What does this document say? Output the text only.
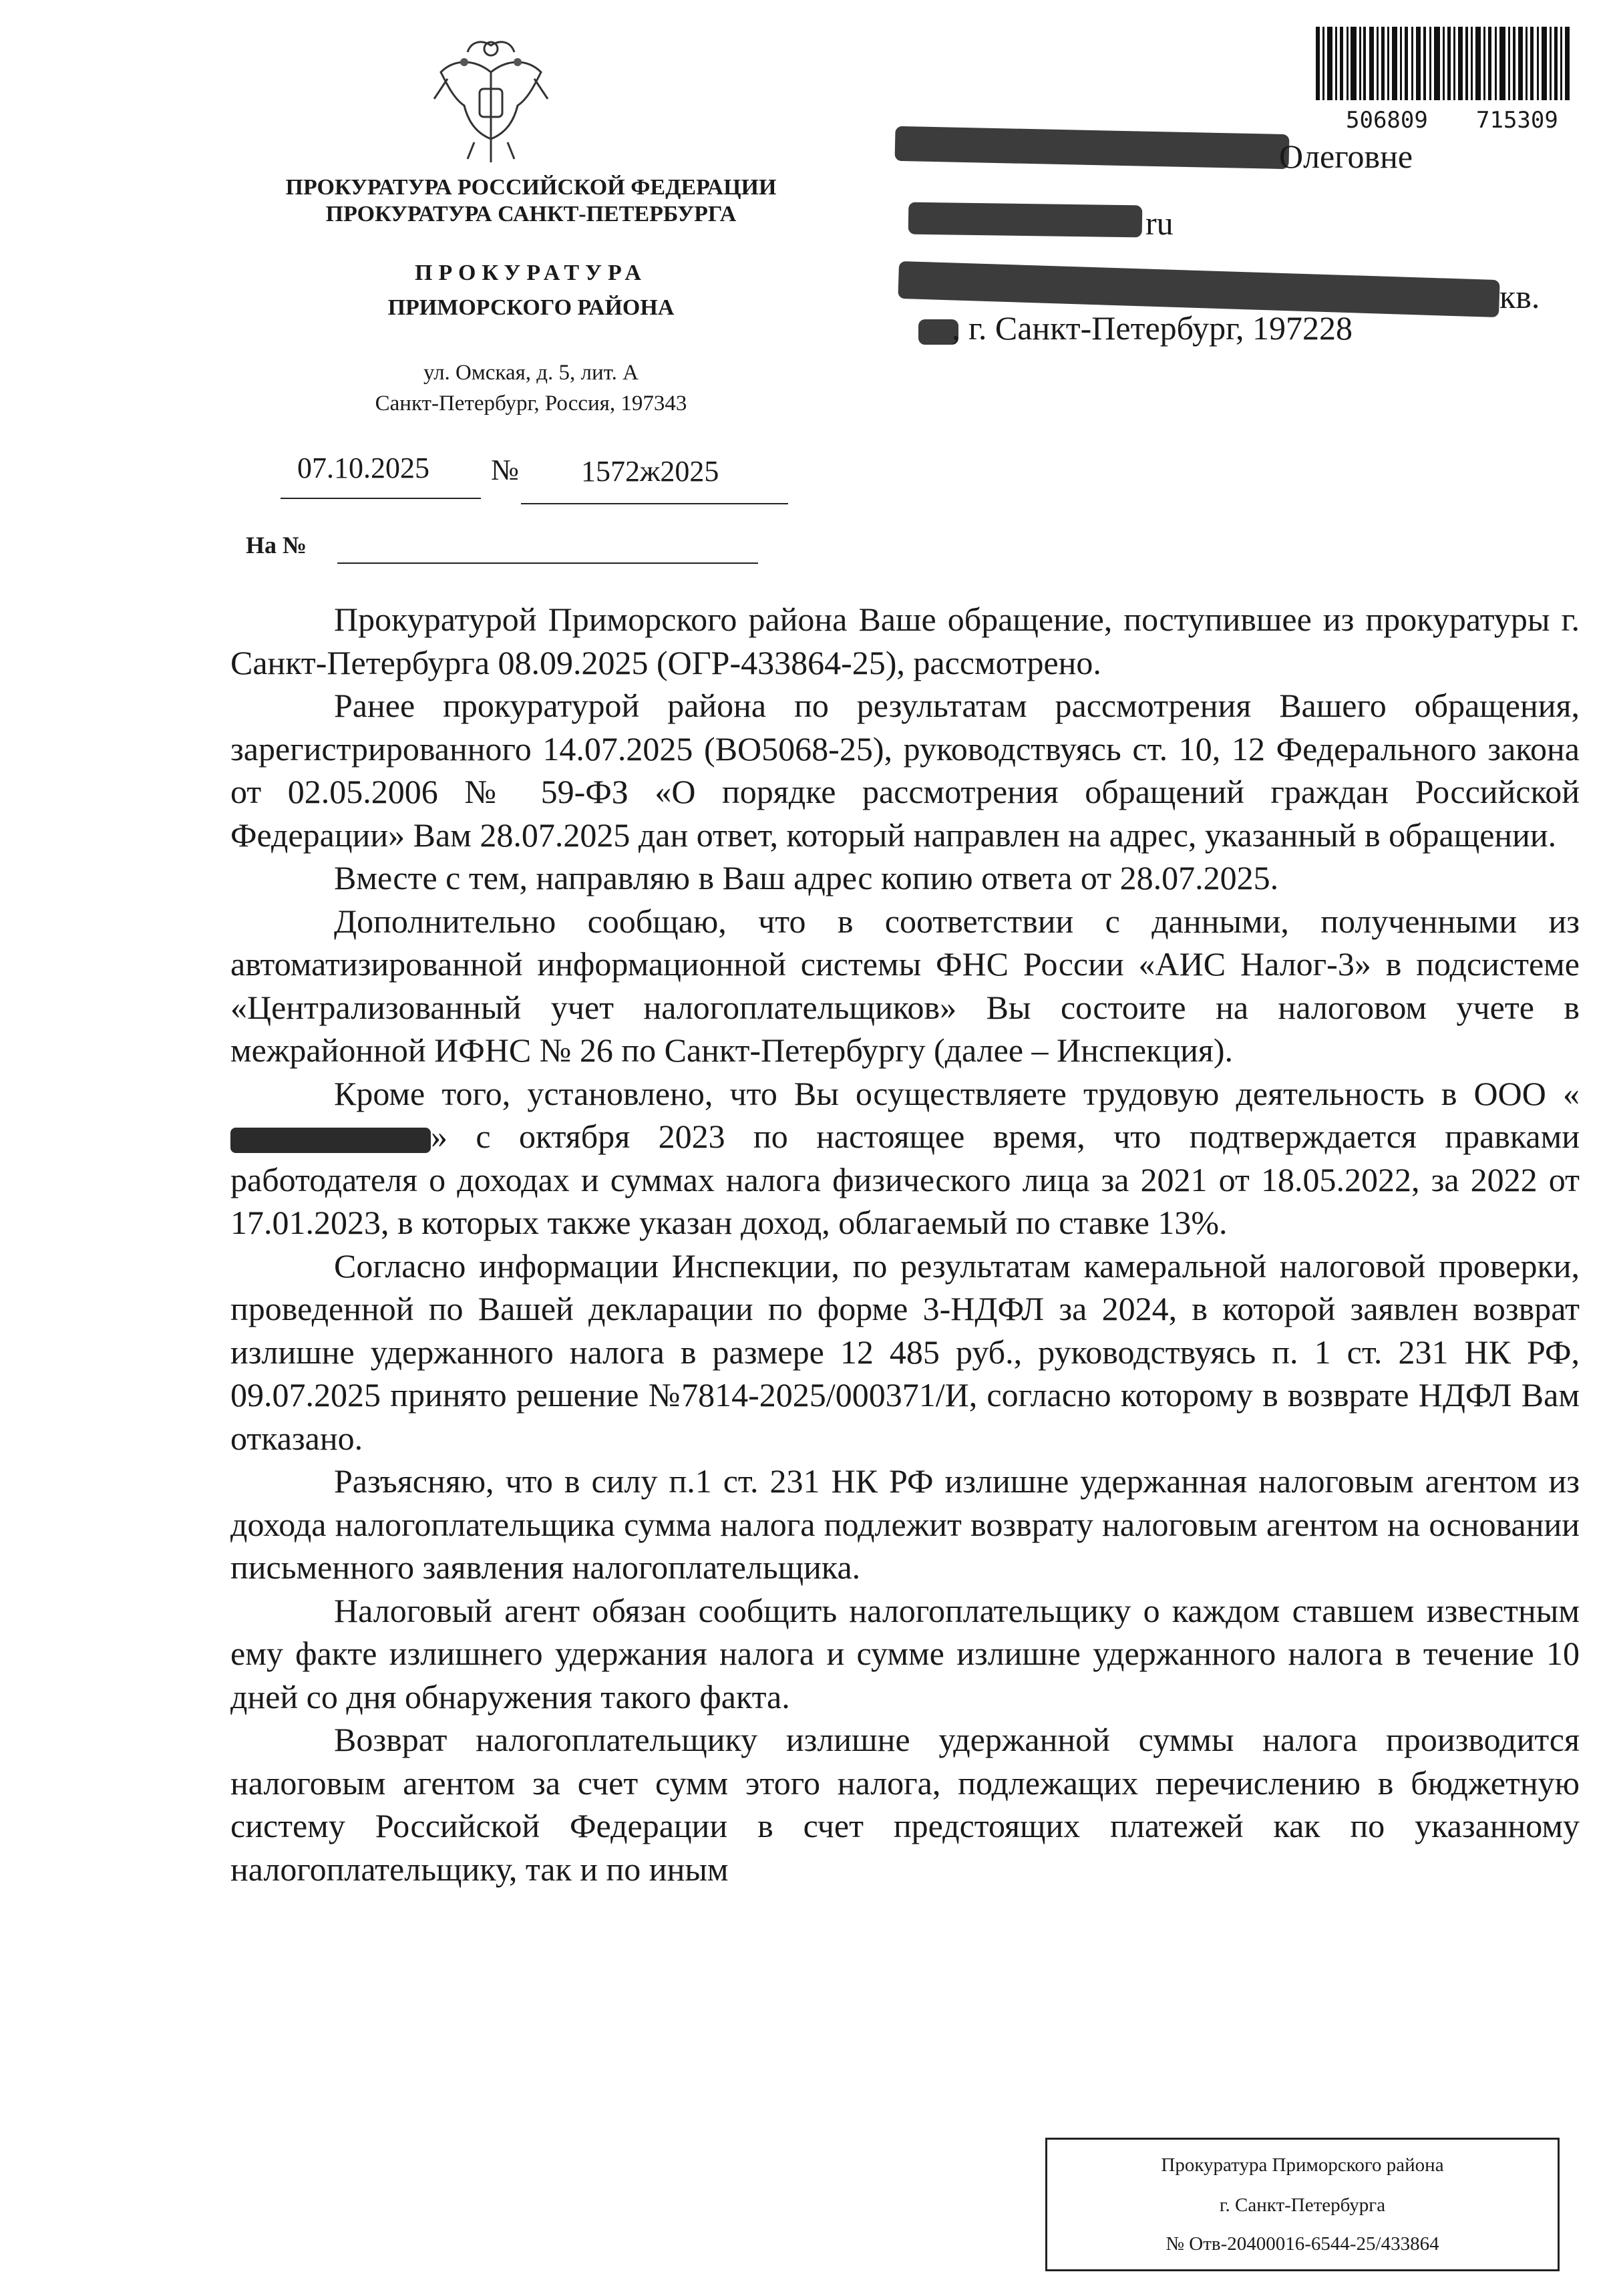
ПРОКУРАТУРА РОССИЙСКОЙ ФЕДЕРАЦИИ
ПРОКУРАТУРА САНКТ-ПЕТЕРБУРГА
ПРОКУРАТУРА
ПРИМОРСКОГО РАЙОНА
ул. Омская, д. 5, лит. А
Санкт-Петербург, Россия, 197343
07.10.2025 № 1572ж2025
На №
506809 715309
Олеговне
ru
кв.
, г. Санкт-Петербург, 197228

Прокуратурой Приморского района Ваше обращение, поступившее из прокуратуры г. Санкт-Петербурга 08.09.2025 (ОГР-433864-25), рассмотрено.

Ранее прокуратурой района по результатам рассмотрения Вашего обращения, зарегистрированного 14.07.2025 (ВО5068-25), руководствуясь ст. 10, 12 Федерального закона от 02.05.2006 № 59-ФЗ «О порядке рассмотрения обращений граждан Российской Федерации» Вам 28.07.2025 дан ответ, который направлен на адрес, указанный в обращении.

Вместе с тем, направляю в Ваш адрес копию ответа от 28.07.2025.

Дополнительно сообщаю, что в соответствии с данными, полученными из автоматизированной информационной системы ФНС России «АИС Налог-3» в подсистеме «Централизованный учет налогоплательщиков» Вы состоите на налоговом учете в межрайонной ИФНС № 26 по Санкт-Петербургу (далее – Инспекция).

Кроме того, установлено, что Вы осуществляете трудовую деятельность в ООО «» с октября 2023 по настоящее время, что подтверждается правками работодателя о доходах и суммах налога физического лица за 2021 от 18.05.2022, за 2022 от 17.01.2023, в которых также указан доход, облагаемый по ставке 13%.

Согласно информации Инспекции, по результатам камеральной налоговой проверки, проведенной по Вашей декларации по форме 3-НДФЛ за 2024, в которой заявлен возврат излишне удержанного налога в размере 12 485 руб., руководствуясь п. 1 ст. 231 НК РФ, 09.07.2025 принято решение №7814-2025/000371/И, согласно которому в возврате НДФЛ Вам отказано.

Разъясняю, что в силу п.1 ст. 231 НК РФ излишне удержанная налоговым агентом из дохода налогоплательщика сумма налога подлежит возврату налоговым агентом на основании письменного заявления налогоплательщика.

Налоговый агент обязан сообщить налогоплательщику о каждом ставшем известным ему факте излишнего удержания налога и сумме излишне удержанного налога в течение 10 дней со дня обнаружения такого факта.

Возврат налогоплательщику излишне удержанной суммы налога производится налоговым агентом за счет сумм этого налога, подлежащих перечислению в бюджетную систему Российской Федерации в счет предстоящих платежей как по указанному налогоплательщику, так и по иным

Прокуратура Приморского района
г. Санкт-Петербурга
№ Отв-20400016-6544-25/433864
